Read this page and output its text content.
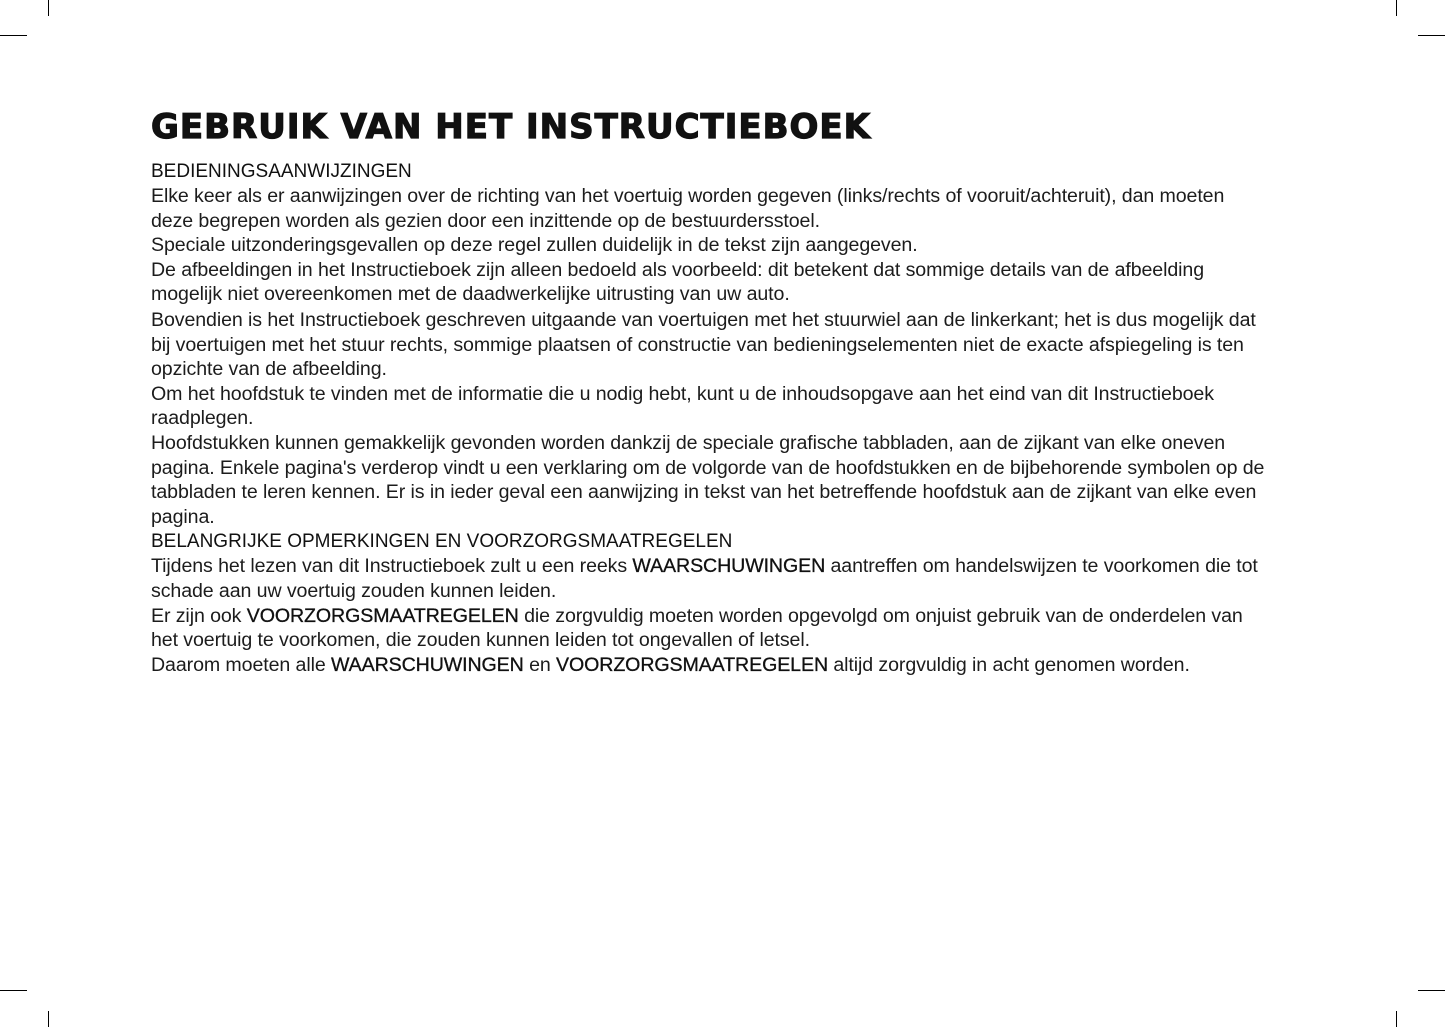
GEBRUIK VAN HET INSTRUCTIEBOEK
BEDIENINGSAANWIJZINGEN

Elke keer als er aanwijzingen over de richting van het voertuig worden gegeven (links/rechts of vooruit/achteruit), dan moeten deze begrepen worden als gezien door een inzittende op de bestuurdersstoel.

Speciale uitzonderingsgevallen op deze regel zullen duidelijk in de tekst zijn aangegeven.

De afbeeldingen in het Instructieboek zijn alleen bedoeld als voorbeeld: dit betekent dat sommige details van de afbeelding mogelijk niet overeenkomen met de daadwerkelijke uitrusting van uw auto.

Bovendien is het Instructieboek geschreven uitgaande van voertuigen met het stuurwiel aan de linkerkant; het is dus mogelijk dat bij voertuigen met het stuur rechts, sommige plaatsen of constructie van bedieningselementen niet de exacte afspiegeling is ten opzichte van de afbeelding.

Om het hoofdstuk te vinden met de informatie die u nodig hebt, kunt u de inhoudsopgave aan het eind van dit Instructieboek raadplegen.

Hoofdstukken kunnen gemakkelijk gevonden worden dankzij de speciale grafische tabbladen, aan de zijkant van elke oneven pagina. Enkele pagina's verderop vindt u een verklaring om de volgorde van de hoofdstukken en de bijbehorende symbolen op de tabbladen te leren kennen. Er is in ieder geval een aanwijzing in tekst van het betreffende hoofdstuk aan de zijkant van elke even pagina.

BELANGRIJKE OPMERKINGEN EN VOORZORGSMAATREGELEN

Tijdens het lezen van dit Instructieboek zult u een reeks WAARSCHUWINGEN aantreffen om handelswijzen te voorkomen die tot schade aan uw voertuig zouden kunnen leiden.

Er zijn ook VOORZORGSMAATREGELEN die zorgvuldig moeten worden opgevolgd om onjuist gebruik van de onderdelen van het voertuig te voorkomen, die zouden kunnen leiden tot ongevallen of letsel.

Daarom moeten alle WAARSCHUWINGEN en VOORZORGSMAATREGELEN altijd zorgvuldig in acht genomen worden.
